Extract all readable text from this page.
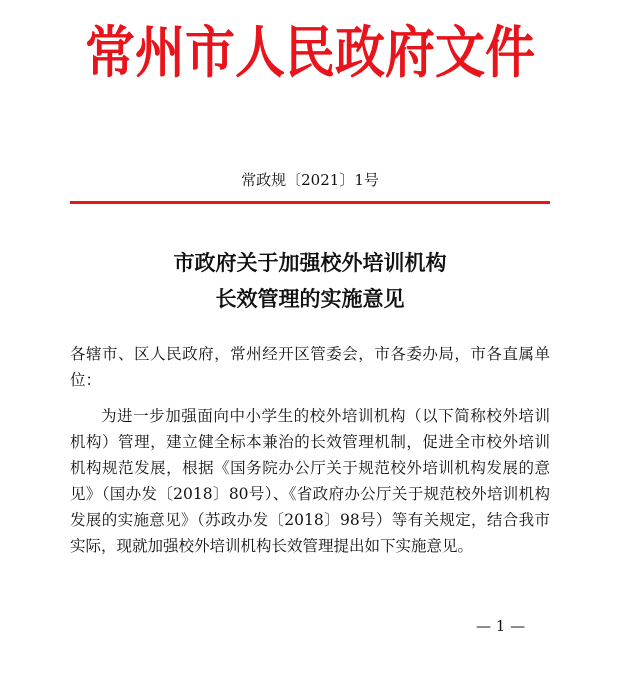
常州市人民政府文件
常政规〔2021〕1号
市政府关于加强校外培训机构
长效管理的实施意见
各辖市、区人民政府，常州经开区管委会，市各委办局，市各直属单位：
为进一步加强面向中小学生的校外培训机构（以下简称校外培训机构）管理，建立健全标本兼治的长效管理机制，促进全市校外培训机构规范发展，根据《国务院办公厅关于规范校外培训机构发展的意见》（国办发〔2018〕80号）、《省政府办公厅关于规范校外培训机构发展的实施意见》（苏政办发〔2018〕98号）等有关规定，结合我市实际，现就加强校外培训机构长效管理提出如下实施意见。
— 1 —
